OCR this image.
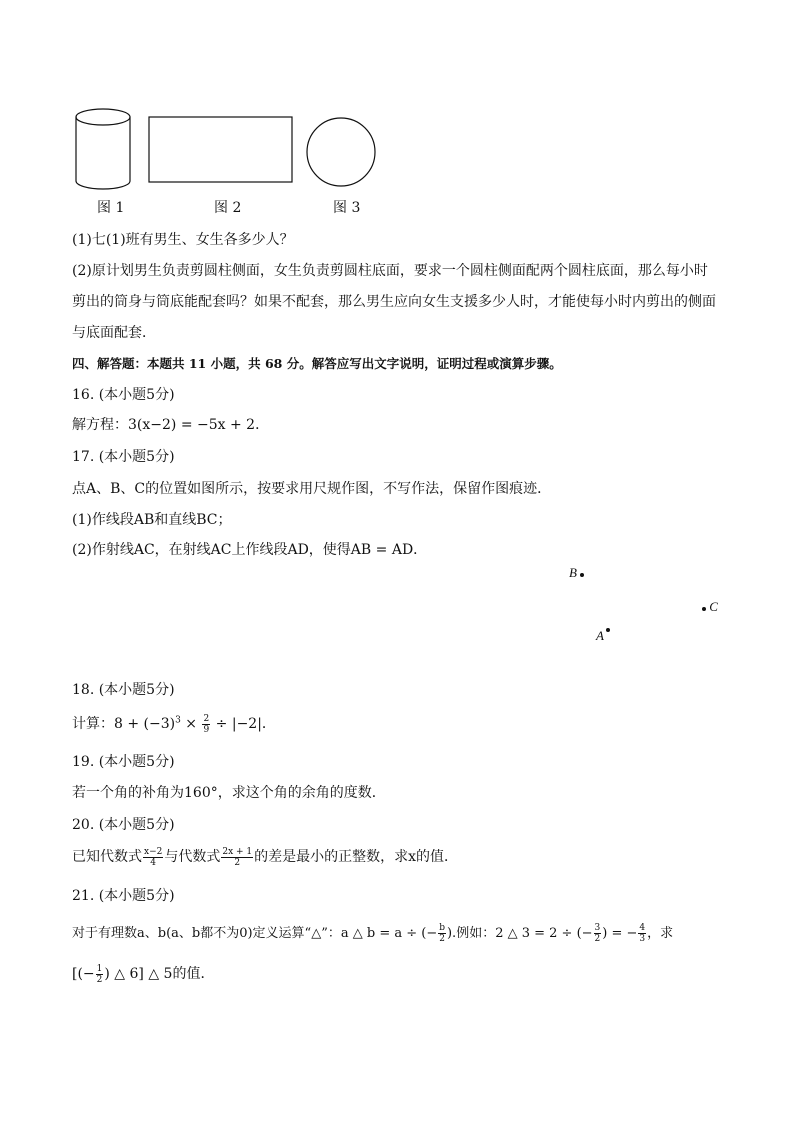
图 1	图 2	图 3
(1)七(1)班有男生、女生各多少人？
(2)原计划男生负责剪圆柱侧面，女生负责剪圆柱底面，要求一个圆柱侧面配两个圆柱底面，那么每小时
剪出的筒身与筒底能配套吗？如果不配套，那么男生应向女生支援多少人时，才能使每小时内剪出的侧面
与底面配套．
四、解答题：本题共 11 小题，共 68 分。解答应写出文字说明，证明过程或演算步骤。
16. (本小题5分)
解方程：3(x−2) = −5x + 2．
17. (本小题5分)
点A、B、C的位置如图所示，按要求用尺规作图，不写作法，保留作图痕迹．
(1)作线段AB和直线BC；
(2)作射线AC，在射线AC上作线段AD，使得AB = AD．
B
C
A
18. (本小题5分)
计算：$8 + (-3)^3 \times \frac{2}{9} \div |-2|$．
19. (本小题5分)
若一个角的补角为160°，求这个角的余角的度数．
20. (本小题5分)
已知代数式 $\frac{x-2}{4}$ 与代数式 $\frac{2x + 1}{2}$ 的差是最小的正整数，求x的值．
21. (本小题5分)
对于有理数a、b(a、b都不为0)定义运算“△”：a △ b = a ÷ (− $\frac{b}{2}$ ).例如：2 △ 3 = 2 ÷ (− $\frac{3}{2}$ ) = − $\frac{4}{3}$ ，求
[(− $\frac{1}{2}$ ) △ 6] △ 5的值．
